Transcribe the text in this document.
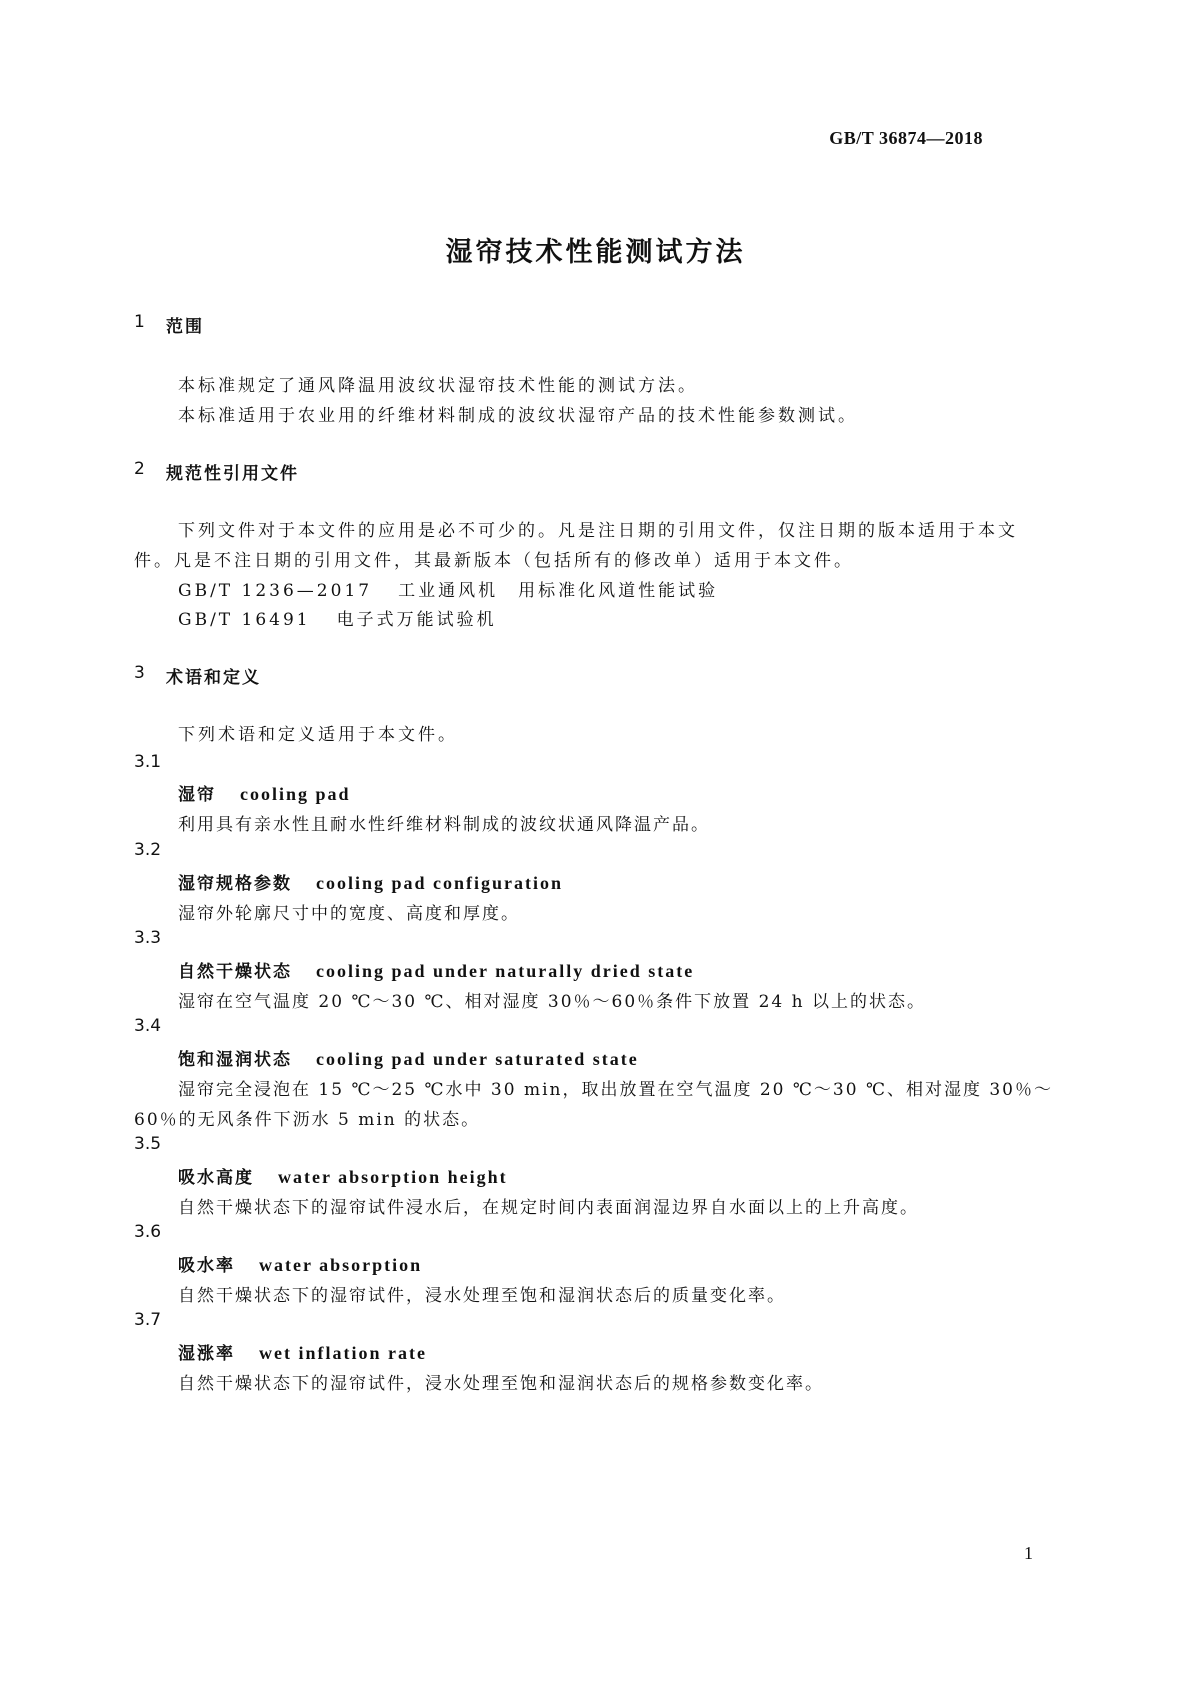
GB/T 36874—2018
湿帘技术性能测试方法
1 范围
本标准规定了通风降温用波纹状湿帘技术性能的测试方法。
本标准适用于农业用的纤维材料制成的波纹状湿帘产品的技术性能参数测试。
2 规范性引用文件
下列文件对于本文件的应用是必不可少的。凡是注日期的引用文件，仅注日期的版本适用于本文
件。凡是不注日期的引用文件，其最新版本（包括所有的修改单）适用于本文件。
GB/T 1236—2017 工业通风机　用标准化风道性能试验
GB/T 16491 电子式万能试验机
3 术语和定义
下列术语和定义适用于本文件。
3.1
湿帘 cooling pad
利用具有亲水性且耐水性纤维材料制成的波纹状通风降温产品。
3.2
湿帘规格参数 cooling pad configuration
湿帘外轮廓尺寸中的宽度、高度和厚度。
3.3
自然干燥状态 cooling pad under naturally dried state
湿帘在空气温度 20 ℃～30 ℃、相对湿度 30％～60％条件下放置 24 h 以上的状态。
3.4
饱和湿润状态 cooling pad under saturated state
湿帘完全浸泡在 15 ℃～25 ℃水中 30 min，取出放置在空气温度 20 ℃～30 ℃、相对湿度 30％～
60％的无风条件下沥水 5 min 的状态。
3.5
吸水高度 water absorption height
自然干燥状态下的湿帘试件浸水后，在规定时间内表面润湿边界自水面以上的上升高度。
3.6
吸水率 water absorption
自然干燥状态下的湿帘试件，浸水处理至饱和湿润状态后的质量变化率。
3.7
湿涨率 wet inflation rate
自然干燥状态下的湿帘试件，浸水处理至饱和湿润状态后的规格参数变化率。
1
